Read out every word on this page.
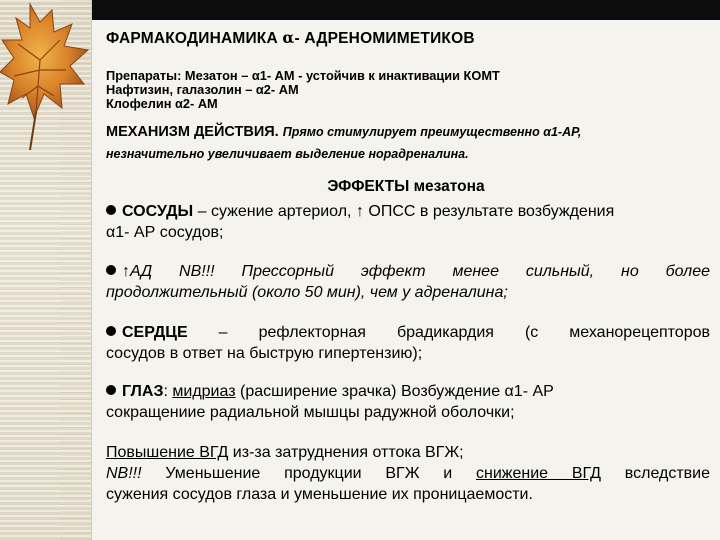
ФАРМАКОДИНАМИКА α- АДРЕНОМИМЕТИКОВ
Препараты: Мезатон – α1- АМ - устойчив к инактивации КОМТ
Нафтизин, галазолин – α2- АМ
Клофелин α2- АМ
МЕХАНИЗМ ДЕЙСТВИЯ. Прямо стимулирует преимущественно α1-АР,
незначительно увеличивает выделение норадреналина.
ЭФФЕКТЫ мезатона
СОСУДЫ – сужение артериол, ↑ ОПСС в результате возбуждения
α1- АР сосудов;
↑АД NB!!! Прессорный эффект менее сильный, но более
продолжительный (около 50 мин), чем у адреналина;
СЕРДЦЕ – рефлекторная брадикардия (с механорецепторов
сосудов в ответ на быструю гипертензию);
ГЛАЗ: мидриаз (расширение зрачка) Возбуждение α1- АР
сокращениие радиальной мышцы радужной оболочки;
Повышение ВГД из-за затруднения оттока ВГЖ;
NB!!! Уменьшение продукции ВГЖ и снижение ВГД вследствие
сужения сосудов глаза и уменьшение их проницаемости.
